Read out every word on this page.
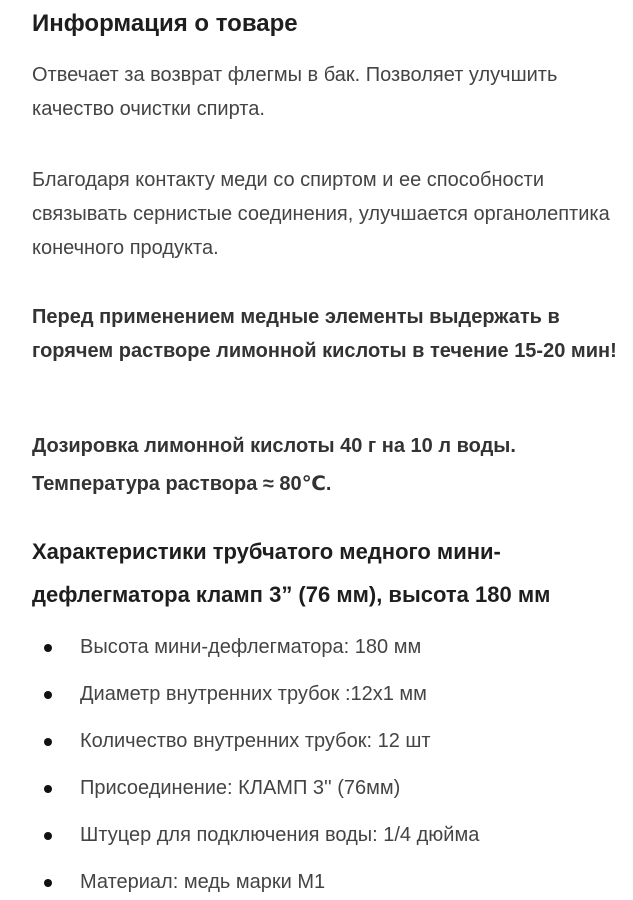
Информация о товаре

Отвечает за возврат флегмы в бак. Позволяет улучшить качество очистки спирта.

Благодаря контакту меди со спиртом и ее способности связывать сернистые соединения, улучшается органолептика конечного продукта.

Перед применением медные элементы выдержать в горячем растворе лимонной кислоты в течение 15-20 мин!

Дозировка лимонной кислоты 40 г на 10 л воды.
Температура раствора ≈ 80℃.
Характеристики трубчатого медного мини-дефлегматора кламп 3” (76 мм), высота 180 мм
Высота мини-дефлегматора: 180 мм
Диаметр внутренних трубок :12х1 мм
Количество внутренних трубок: 12 шт
Присоединение: КЛАМП 3'' (76мм)
Штуцер для подключения воды: 1/4 дюйма
Материал: медь марки М1
